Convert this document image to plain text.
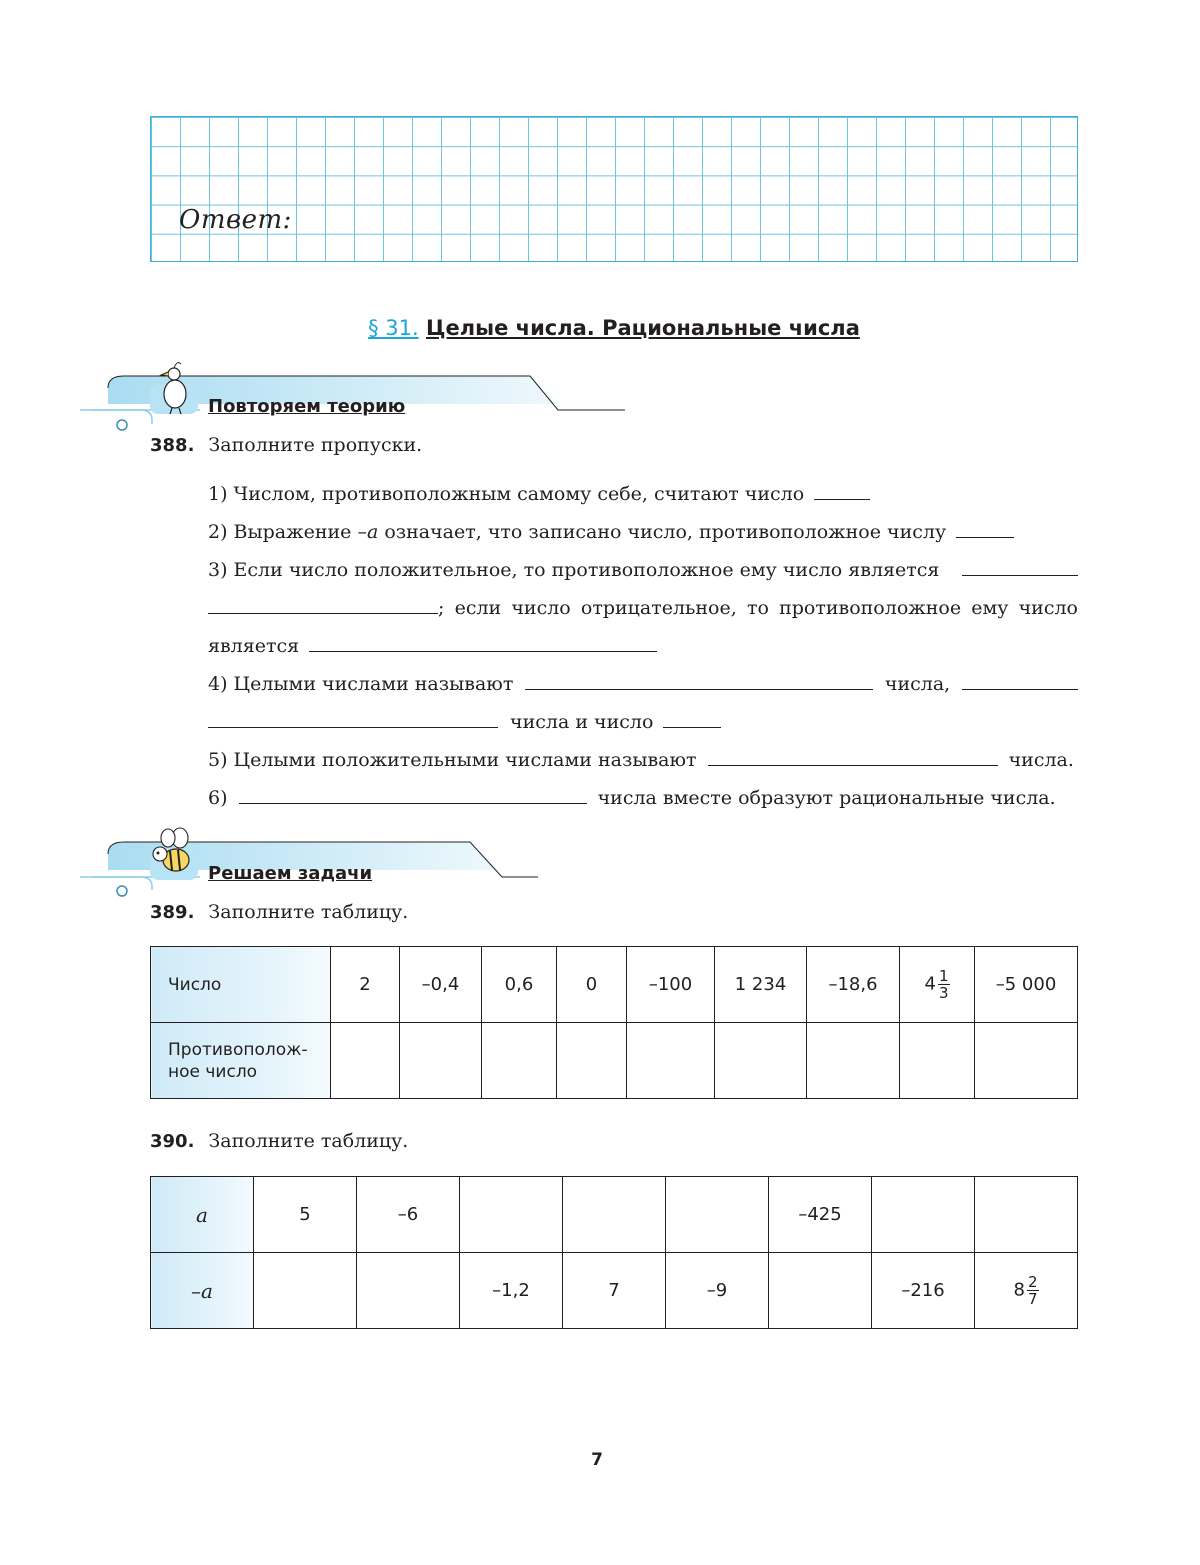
Ответ:
§ 31. Целые числа. Рациональные числа
Повторяем теорию
388. Заполните пропуски.
1) Числом, противоположным самому себе, считают число
2) Выражение –a означает, что записано число, противоположное числу
3) Если число положительное, то противоположное ему число является
; если число отрицательное, то противоположное ему число
является
4) Целыми числами называют	числа,
числа и число
5) Целыми положительными числами называют	числа.
6)	числа вместе образуют рациональные числа.
Решаем задачи
389. Заполните таблицу.
Число	2	–0,4	0,6	0	–100	1 234	–18,6	$4 \frac{1}{3}$	–5 000
Противополож-ное число									
390. Заполните таблицу.
a	5	–6				–425		
–a			–1,2	7	–9		–216	$8 \frac{2}{7}$
7
